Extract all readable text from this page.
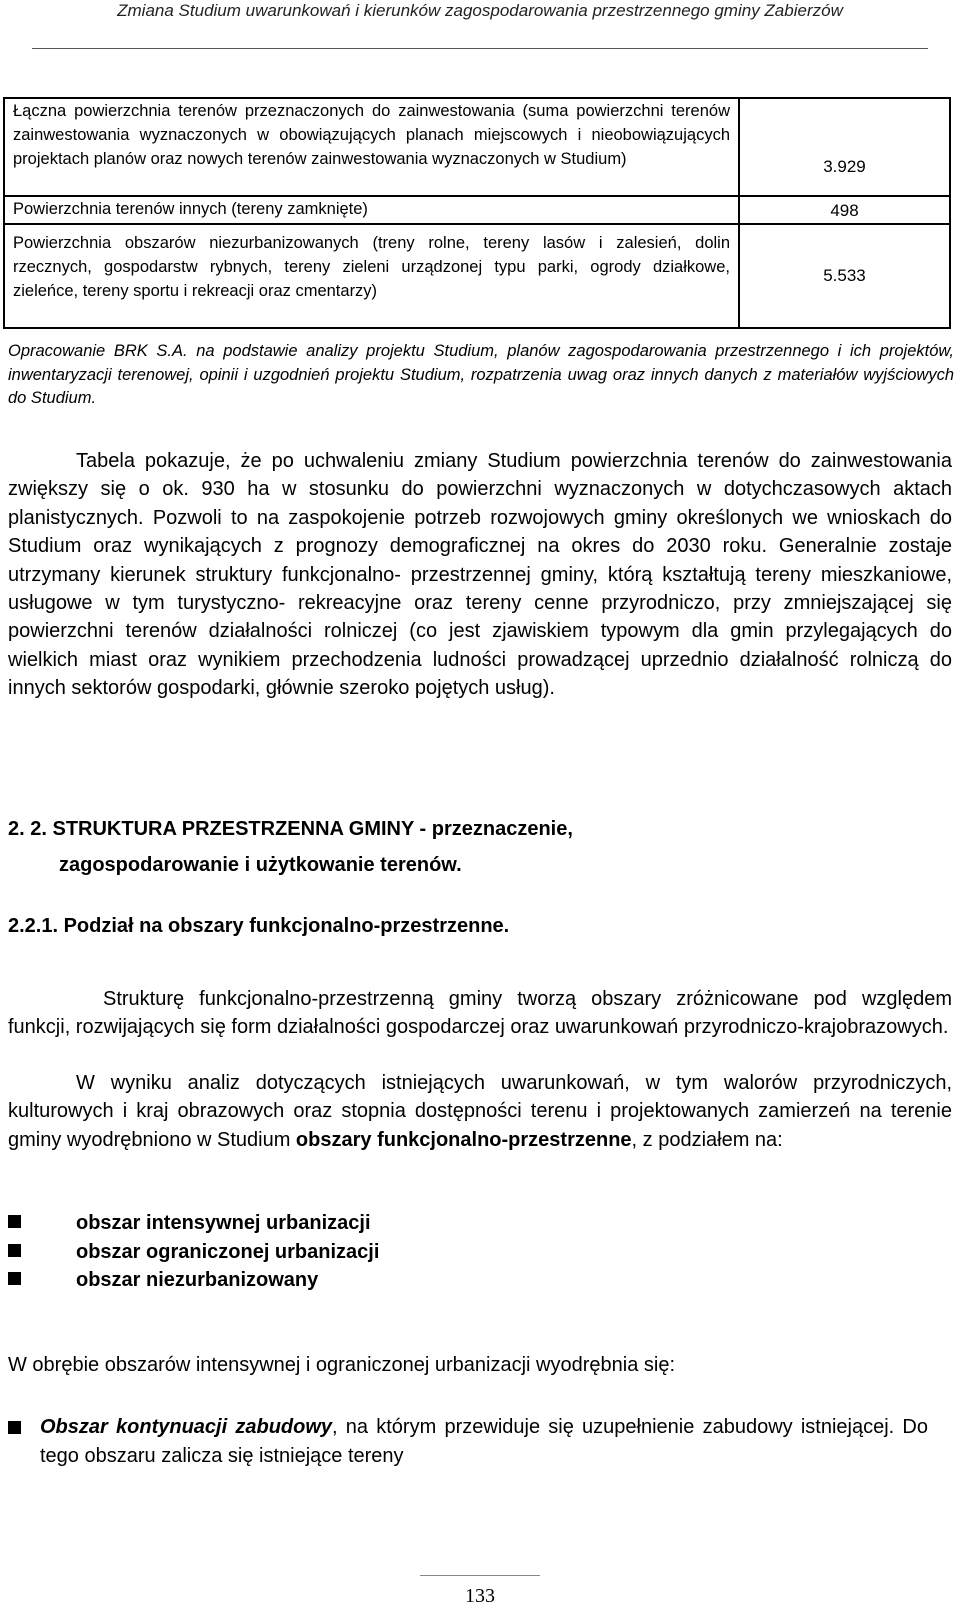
Zmiana Studium uwarunkowań i kierunków zagospodarowania przestrzennego gminy Zabierzów
Łączna powierzchnia terenów przeznaczonych do zainwestowania (suma powierzchni terenów zainwestowania wyznaczonych w obowiązujących planach miejscowych i nieobowiązujących projektach planów oraz nowych terenów zainwestowania wyznaczonych w Studium)	3.929
Powierzchnia terenów innych (tereny zamknięte)	498
Powierzchnia obszarów niezurbanizowanych (treny rolne, tereny lasów i zalesień, dolin rzecznych, gospodarstw rybnych, tereny zieleni urządzonej typu parki, ogrody działkowe, zieleńce, tereny sportu i rekreacji oraz cmentarzy)	5.533
Opracowanie BRK S.A. na podstawie analizy projektu Studium, planów zagospodarowania przestrzennego i ich projektów, inwentaryzacji terenowej, opinii i uzgodnień projektu Studium, rozpatrzenia uwag oraz innych danych z materiałów wyjściowych do Studium.
Tabela pokazuje, że po uchwaleniu zmiany Studium powierzchnia terenów do zainwestowania zwiększy się o ok. 930 ha w stosunku do powierzchni wyznaczonych w dotychczasowych aktach planistycznych. Pozwoli to na zaspokojenie potrzeb rozwojowych gminy określonych we wnioskach do Studium oraz wynikających z prognozy demograficznej na okres do 2030 roku. Generalnie zostaje utrzymany kierunek struktury funkcjonalno- przestrzennej gminy, którą kształtują tereny mieszkaniowe, usługowe w tym turystyczno- rekreacyjne oraz tereny cenne przyrodniczo, przy zmniejszającej się powierzchni terenów działalności rolniczej (co jest zjawiskiem typowym dla gmin przylegających do wielkich miast oraz wynikiem przechodzenia ludności prowadzącej uprzednio działalność rolniczą do innych sektorów gospodarki, głównie szeroko pojętych usług).
2. 2. STRUKTURA PRZESTRZENNA GMINY - przeznaczenie,
zagospodarowanie i użytkowanie terenów.
2.2.1. Podział na obszary funkcjonalno-przestrzenne.
Strukturę funkcjonalno-przestrzenną gminy tworzą obszary zróżnicowane pod względem funkcji, rozwijających się form działalności gospodarczej oraz uwarunkowań przyrodniczo-krajobrazowych.
W wyniku analiz dotyczących istniejących uwarunkowań, w tym walorów przyrodniczych, kulturowych i kraj obrazowych oraz stopnia dostępności terenu i projektowanych zamierzeń na terenie gminy wyodrębniono w Studium obszary funkcjonalno-przestrzenne, z podziałem na:
obszar intensywnej urbanizacji
obszar ograniczonej urbanizacji
obszar niezurbanizowany
W obrębie obszarów intensywnej i ograniczonej urbanizacji wyodrębnia się:
Obszar kontynuacji zabudowy, na którym przewiduje się uzupełnienie zabudowy istniejącej. Do tego obszaru zalicza się istniejące tereny
133
